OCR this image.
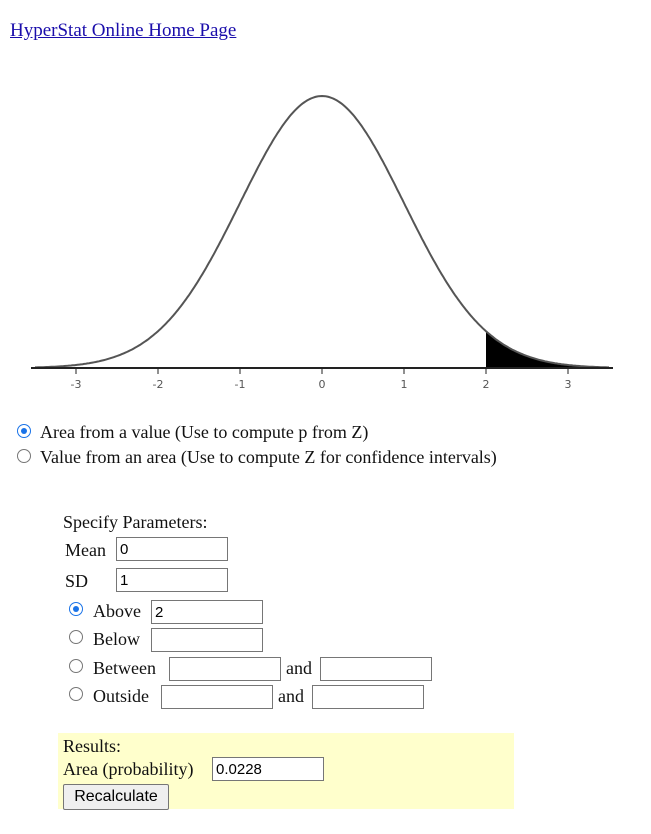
HyperStat Online Home Page
-3	-2	-1	0	1	2	3
Area from a value (Use to compute p from Z)
Value from an area (Use to compute Z for confidence intervals)
Specify Parameters:
Mean
0
SD
1
Above
2
Below
Between	and
Outside	and
Results:
Area (probability)
0.0228
Recalculate
